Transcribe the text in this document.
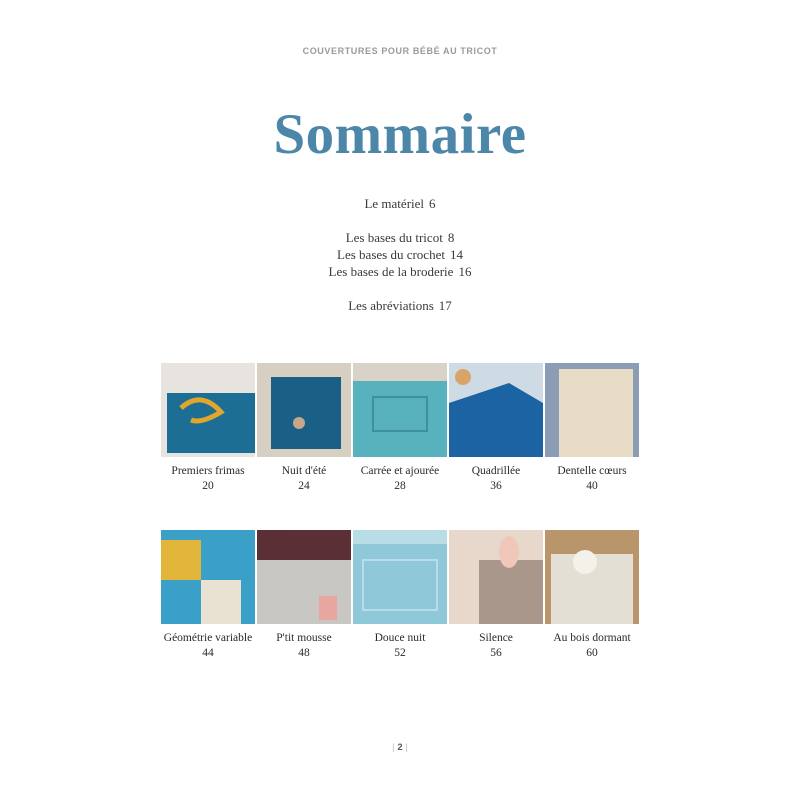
COUVERTURES POUR BÉBÉ AU TRICOT
Sommaire
Le matériel 6
Les bases du tricot 8
Les bases du crochet 14
Les bases de la broderie 16
Les abréviations 17
Premiers frimas
20
Nuit d'été
24
Carrée et ajourée
28
Quadrillée
36
Dentelle cœurs
40
Géométrie variable
44
P'tit mousse
48
Douce nuit
52
Silence
56
Au bois dormant
60
| 2 |
